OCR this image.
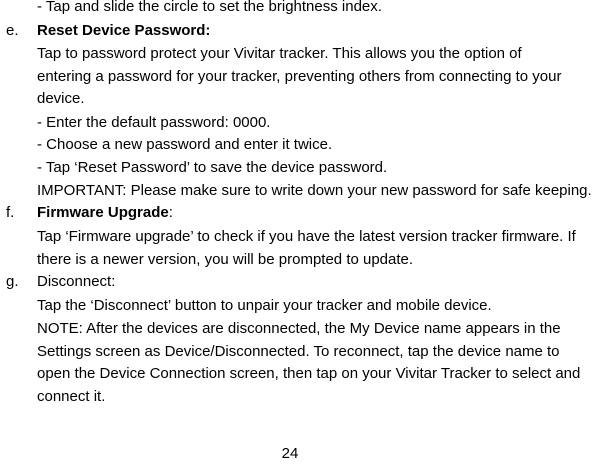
- Tap and slide the circle to set the brightness index.
e. Reset Device Password:
Tap to password protect your Vivitar tracker. This allows you the option of
entering a password for your tracker, preventing others from connecting to your
device.
- Enter the default password: 0000.
- Choose a new password and enter it twice.
- Tap ‘Reset Password’ to save the device password.
IMPORTANT: Please make sure to write down your new password for safe keeping.
f. Firmware Upgrade:
Tap ‘Firmware upgrade’ to check if you have the latest version tracker firmware. If
there is a newer version, you will be prompted to update.
g. Disconnect:
Tap the ‘Disconnect’ button to unpair your tracker and mobile device.
NOTE: After the devices are disconnected, the My Device name appears in the
Settings screen as Device/Disconnected. To reconnect, tap the device name to
open the Device Connection screen, then tap on your Vivitar Tracker to select and
connect it.
24
